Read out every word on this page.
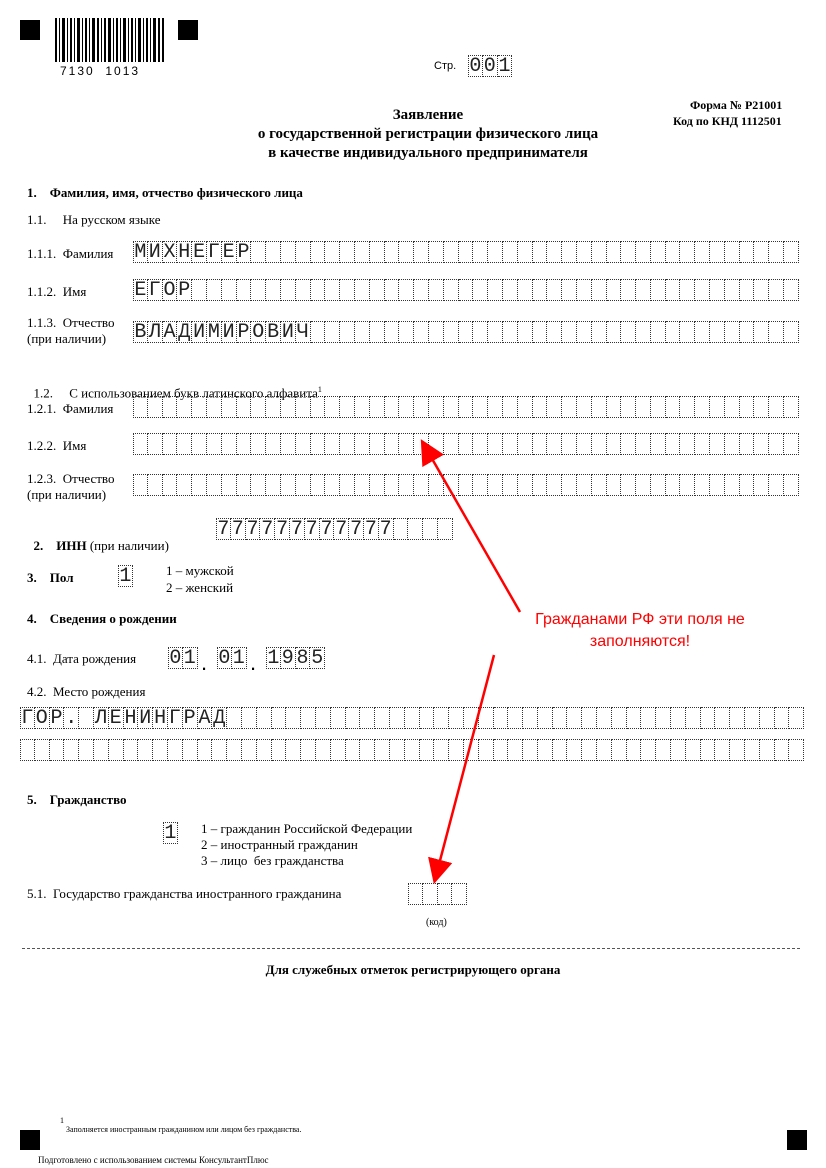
7130  1013	Стр. 0 0 1
Форма № Р21001
Код по КНД 1112501
Заявление
о государственной регистрации физического лица
в качестве индивидуального предпринимателя
1.    Фамилия, имя, отчество физического лица
1.1.     На русском языке
1.1.1.  Фамилия М И Х Н Е Г Е Р
1.1.2.  Имя Е Г О Р
1.1.3.  Отчество
(при наличии) В Л А Д И М И Р О В И Ч

1.2.     С использованием букв латинского алфавита$^1$

1.2.1.  Фамилия
1.2.2.  Имя
1.2.3.  Отчество
(при наличии)

2.    ИНН (при наличии)

7 7 7 7 7 7 7 7 7 7 7 7
3.    Пол 1	1 – мужской
2 – женский
4.    Сведения о рождении
4.1.  Дата рождения 0 1 . 0 1 . 1 9 8 5
4.2.  Место рождения
Г О Р . Л Е Н И Н Г Р А Д
5.    Гражданство
1 1 – гражданин Российской Федерации
2 – иностранный гражданин
3 – лицо  без гражданства
5.1.  Государство гражданства иностранного гражданина
(код)
Для служебных отметок регистрирующего органа
1
Заполняется иностранным гражданином или лицом без гражданства.
Подготовлено с использованием системы КонсультантПлюс
Гражданами РФ эти поля не
заполняются!
